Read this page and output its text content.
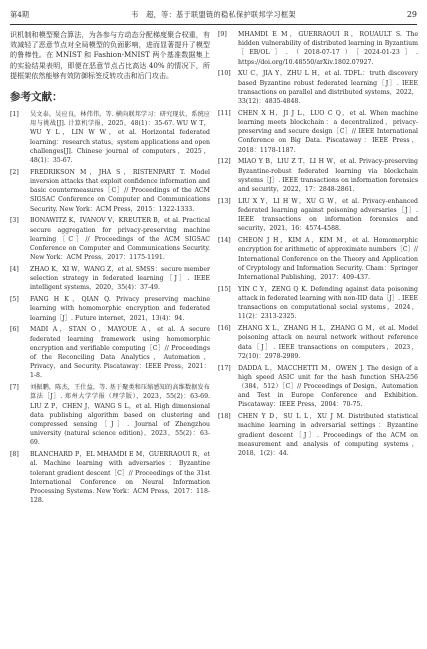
第4期	韦　超，等：基于联盟链的稳私保护联邦学习框架	29

识机制和模型聚合算法，为各参与方动态分配梯度聚合权重，有效减轻了恶意节点对全局模型的负面影响，进而显著提升了模型的鲁棒性。在 MNIST 和 Fashion-MNIST 两个基准数据集上的实验结果表明，即便在恶意节点占比高达 40% 的情况下，所提框架依然能够有效防御标签反转攻击和后门攻击。

参考文献：
[1]	吴文泰，吴应良，林伟伟，等. 横向联邦学习：研究现状、系统应用与挑战[J]. 计算机学报，2025，48(1)：35-67. WU W T，WU Y L，LIN W W，et al. Horizontal federated learning：research status，system applications and open challenges[J]. Chinese journal of computers，2025，48(1)：35-67.
[2]	FREDRIKSON M，JHA S，RISTENPART T. Model inversion attacks that exploit confidence information and basic countermeasures［C］// Proceedings of the ACM SIGSAC Conference on Computer and Communications Security. New York：ACM Press，2015：1322-1333.
[3]	BONAWITZ K，IVANOV V，KREUTER B，et al. Practical secure aggregation for privacy-preserving machine learning［C］// Proceedings of the ACM SIGSAC Conference on Computer and Communications Security. New York：ACM Press，2017：1175-1191.
[4]	ZHAO K，XI W，WANG Z，et al. SMSS：secure member selection strategy in federated learning［J］. IEEE intelligent systems，2020，35(4)：37-49.
[5]	FANG H K，QIAN Q. Privacy preserving machine learning with homomorphic encryption and federated learning［J］. Future internet，2021，13(4)：94.
[6]	MADI A，STAN O，MAYOUE A，et al. A secure federated learning framework using homomorphic encryption and verifiable computing［C］// Proceedings of the Reconciling Data Analytics，Automation，Privacy，and Security. Piscataway：IEEE Press，2021：1-8.
[7]	刘振鹏，陈杰，王仕益，等. 基于聚类和压缩感知的高维数据发布算法［J］. 郑州大学学报（理学版），2023，55(2)：63-69. LIU Z P，CHEN J，WANG S L，et al. High dimensional data publishing algorithm based on clustering and compressed sensing［J］. Journal of Zhengzhou university (natural science edition)，2023，55(2)：63-69.
[8]	BLANCHARD P，EL MHAMDI E M，GUERRAOUI R，et al. Machine learning with adversaries：Byzantine tolerant gradient descent［C］// Proceedings of the 31st International Conference on Neural Information Processing Systems. New York：ACM Press，2017：118-128.
[9]	MHAMDI E M，GUERRAOUI R，ROUAULT S. The hidden vulnerability of distributed learning in Byzantium［EB/OL］.（2018-07-17）［2024-01-23］. https://doi.org/10.48550/arXiv.1802.07927.
[10]	XU C，JIA Y，ZHU L H，et al. TDFL：truth discovery based Byzantine robust federated learning［J］. IEEE transactions on parallel and distributed systems，2022，33(12)：4835-4848.
[11]	CHEN X H，JI J L，LUO C Q，et al. When machine learning meets blockchain：a decentralized，privacy-preserving and secure design［C］// IEEE International Conference on Big Data. Piscataway：IEEE Press，2018：1178-1187.
[12]	MIAO Y B，LIU Z T，LI H W，et al. Privacy-preserving Byzantine-robust federated learning via blockchain systems［J］. IEEE transactions on information forensics and security，2022，17：2848-2861.
[13]	LIU X Y，LI H W，XU G W，et al. Privacy-enhanced federated learning against poisoning adversaries［J］. IEEE transactions on information forensics and security，2021，16：4574-4588.
[14]	CHEON J H，KIM A，KIM M，et al. Homomorphic encryption for arithmetic of approximate numbers［C］// International Conference on the Theory and Application of Cryptology and Information Security. Cham：Springer International Publishing，2017：409-437.
[15]	YIN C Y，ZENG Q K. Defending against data poisoning attack in federated learning with non-IID data［J］. IEEE transactions on computational social systems，2024，11(2)：2313-2325.
[16]	ZHANG X L，ZHANG H L，ZHANG G M，et al. Model poisoning attack on neural network without reference data［J］. IEEE transactions on computers，2023，72(10)：2978-2989.
[17]	DADDA L，MACCHETTI M，OWEN J. The design of a high speed ASIC unit for the hash function SHA-256（384，512）［C］// Proceedings of Design，Automation and Test in Europe Conference and Exhibition. Piscataway：IEEE Press，2004：70-75.
[18]	CHEN Y D，SU L L，XU J M. Distributed statistical machine learning in adversarial settings：Byzantine gradient descent［J］. Proceedings of the ACM on measurement and analysis of computing systems，2018，1(2)：44.
